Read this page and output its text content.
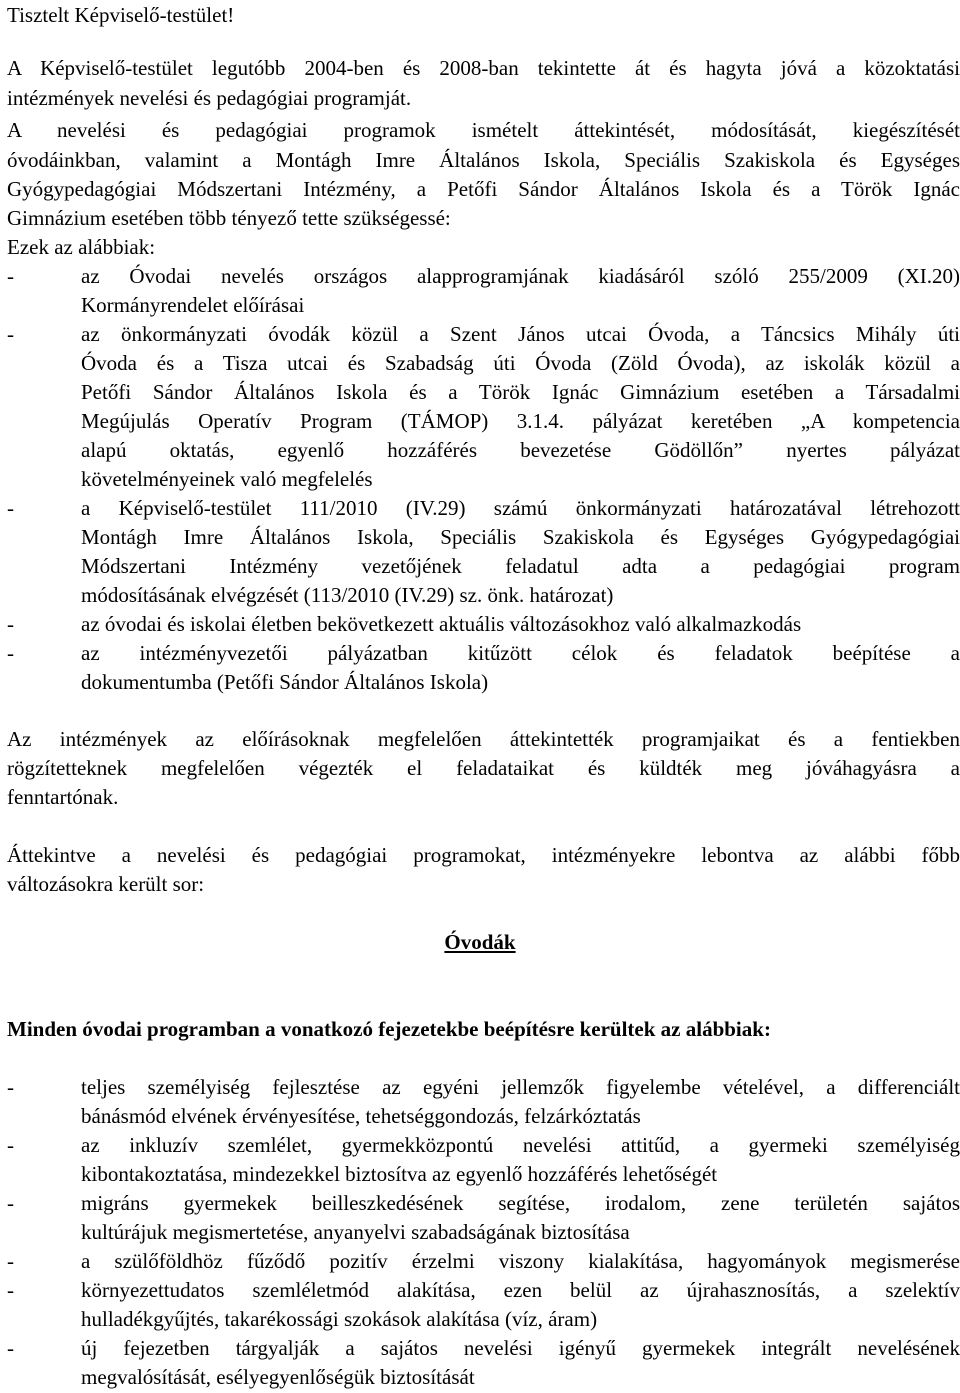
Tisztelt Képviselő-testület!
A Képviselő-testület legutóbb 2004-ben és 2008-ban tekintette át és hagyta jóvá a közoktatási
intézmények nevelési és pedagógiai programját.
A nevelési és pedagógiai programok ismételt áttekintését, módosítását, kiegészítését
óvodáinkban, valamint a Montágh Imre Általános Iskola, Speciális Szakiskola és Egységes
Gyógypedagógiai Módszertani Intézmény, a Petőfi Sándor Általános Iskola és a Török Ignác
Gimnázium esetében több tényező tette szükségessé:
Ezek az alábbiak:
-	az Óvodai nevelés országos alapprogramjának kiadásáról szóló 255/2009 (XI.20)
Kormányrendelet előírásai
-	az önkormányzati óvodák közül a Szent János utcai Óvoda, a Táncsics Mihály úti
Óvoda és a Tisza utcai és Szabadság úti Óvoda (Zöld Óvoda), az iskolák közül a
Petőfi Sándor Általános Iskola és a Török Ignác Gimnázium esetében a Társadalmi
Megújulás Operatív Program (TÁMOP) 3.1.4. pályázat keretében „A kompetencia
alapú oktatás, egyenlő hozzáférés bevezetése Gödöllőn” nyertes pályázat
követelményeinek való megfelelés
-	a Képviselő-testület 111/2010 (IV.29) számú önkormányzati határozatával létrehozott
Montágh Imre Általános Iskola, Speciális Szakiskola és Egységes Gyógypedagógiai
Módszertani Intézmény vezetőjének feladatul adta a pedagógiai program
módosításának elvégzését (113/2010 (IV.29) sz. önk. határozat)
-	az óvodai és iskolai életben bekövetkezett aktuális változásokhoz való alkalmazkodás
-	az intézményvezetői pályázatban kitűzött célok és feladatok beépítése a
dokumentumba (Petőfi Sándor Általános Iskola)
Az intézmények az előírásoknak megfelelően áttekintették programjaikat és a fentiekben
rögzítetteknek megfelelően végezték el feladataikat és küldték meg jóváhagyásra a
fenntartónak.
Áttekintve a nevelési és pedagógiai programokat, intézményekre lebontva az alábbi főbb
változásokra került sor:
Óvodák
Minden óvodai programban a vonatkozó fejezetekbe beépítésre kerültek az alábbiak:
-	teljes személyiség fejlesztése az egyéni jellemzők figyelembe vételével, a differenciált
bánásmód elvének érvényesítése, tehetséggondozás, felzárkóztatás
-	az inkluzív szemlélet, gyermekközpontú nevelési attitűd, a gyermeki személyiség
kibontakoztatása, mindezekkel biztosítva az egyenlő hozzáférés lehetőségét
-	migráns gyermekek beilleszkedésének segítése, irodalom, zene területén sajátos
kultúrájuk megismertetése, anyanyelvi szabadságának biztosítása
-	a szülőföldhöz fűződő pozitív érzelmi viszony kialakítása, hagyományok megismerése
-	környezettudatos szemléletmód alakítása, ezen belül az újrahasznosítás, a szelektív
hulladékgyűjtés, takarékossági szokások alakítása (víz, áram)
-	új fejezetben tárgyalják a sajátos nevelési igényű gyermekek integrált nevelésének
megvalósítását, esélyegyenlőségük biztosítását
